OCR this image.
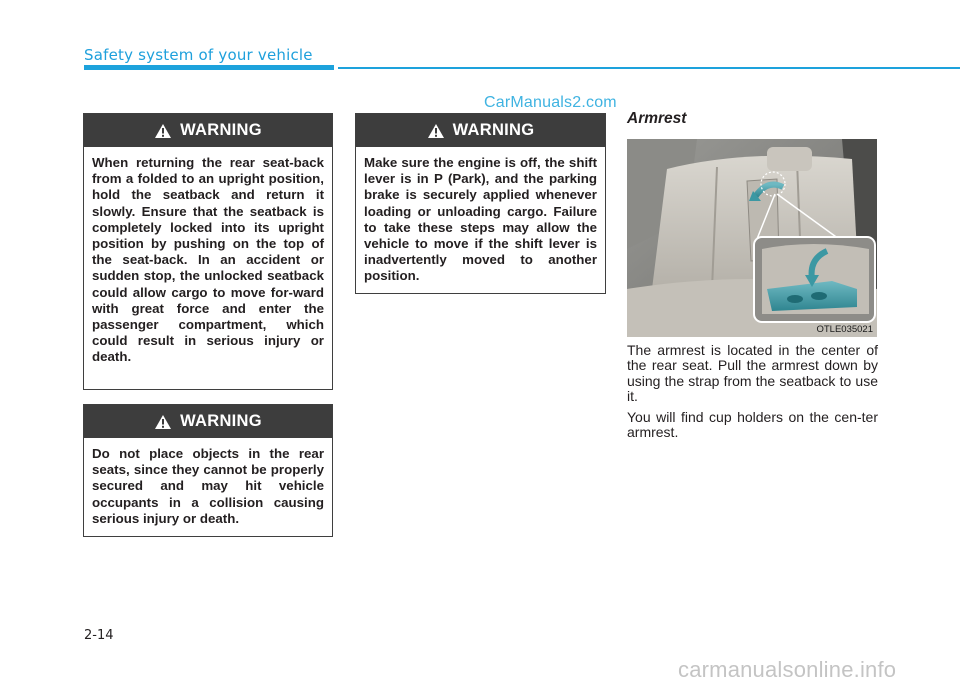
Safety system of your vehicle
CarManuals2.com
WARNING
When returning the rear seat-back from a folded to an upright position, hold the seatback and return it slowly. Ensure that the seatback is completely locked into its upright position by pushing on the top of the seat-back. In an accident or sudden stop, the unlocked seatback could allow cargo to move for-ward with great force and enter the passenger compartment, which could result in serious injury or death.
WARNING
Do not place objects in the rear seats, since they cannot be properly secured and may hit vehicle occupants in a collision causing serious injury or death.
WARNING
Make sure the engine is off, the shift lever is in P (Park), and the parking brake is securely applied whenever loading or unloading cargo. Failure to take these steps may allow the vehicle to move if the shift lever is inadvertently moved to another position.
Armrest
OTLE035021
The armrest is located in the center of the rear seat. Pull the armrest down by using the strap from the seatback to use it.
You will find cup holders on the cen-ter armrest.
2-14
carmanualsonline.info
